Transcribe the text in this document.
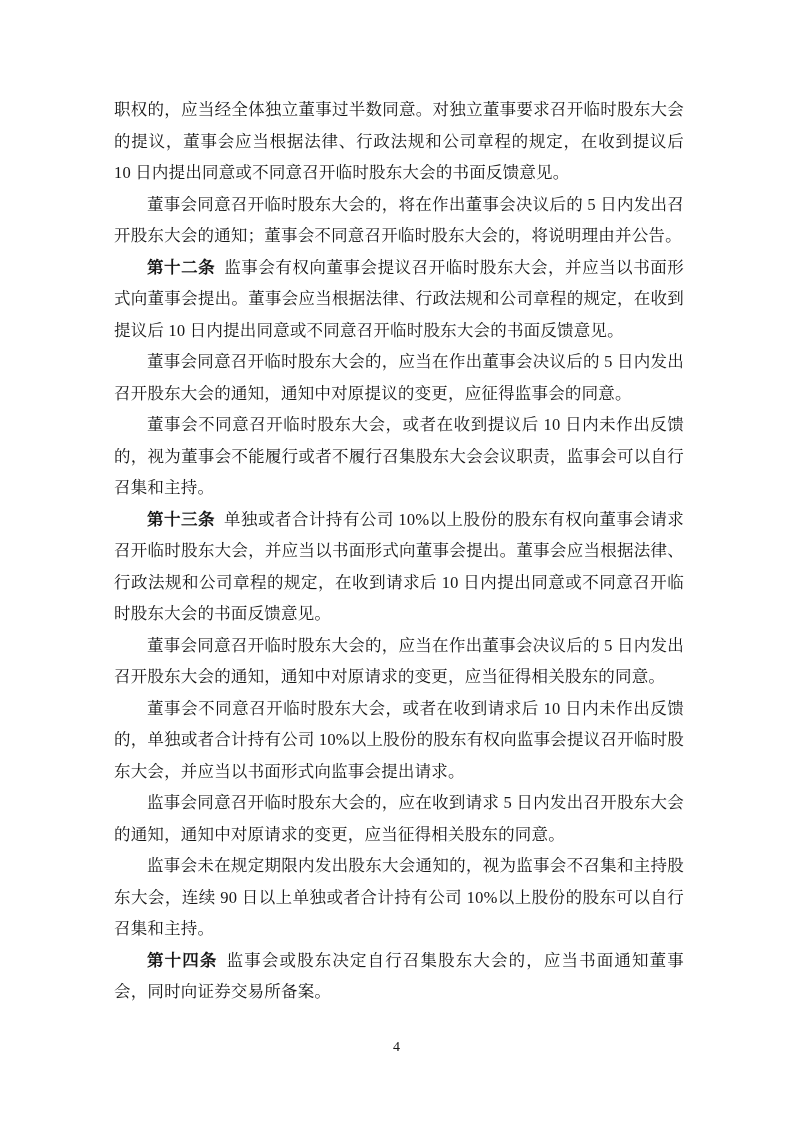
职权的，应当经全体独立董事过半数同意。对独立董事要求召开临时股东大会的提议，董事会应当根据法律、行政法规和公司章程的规定，在收到提议后 10 日内提出同意或不同意召开临时股东大会的书面反馈意见。

董事会同意召开临时股东大会的，将在作出董事会决议后的 5 日内发出召开股东大会的通知；董事会不同意召开临时股东大会的，将说明理由并公告。

第十二条 监事会有权向董事会提议召开临时股东大会，并应当以书面形式向董事会提出。董事会应当根据法律、行政法规和公司章程的规定，在收到提议后 10 日内提出同意或不同意召开临时股东大会的书面反馈意见。

董事会同意召开临时股东大会的，应当在作出董事会决议后的 5 日内发出召开股东大会的通知，通知中对原提议的变更，应征得监事会的同意。

董事会不同意召开临时股东大会，或者在收到提议后 10 日内未作出反馈的，视为董事会不能履行或者不履行召集股东大会会议职责，监事会可以自行召集和主持。

第十三条 单独或者合计持有公司 10%以上股份的股东有权向董事会请求召开临时股东大会，并应当以书面形式向董事会提出。董事会应当根据法律、行政法规和公司章程的规定，在收到请求后 10 日内提出同意或不同意召开临时股东大会的书面反馈意见。

董事会同意召开临时股东大会的，应当在作出董事会决议后的 5 日内发出召开股东大会的通知，通知中对原请求的变更，应当征得相关股东的同意。

董事会不同意召开临时股东大会，或者在收到请求后 10 日内未作出反馈的，单独或者合计持有公司 10%以上股份的股东有权向监事会提议召开临时股东大会，并应当以书面形式向监事会提出请求。

监事会同意召开临时股东大会的，应在收到请求 5 日内发出召开股东大会的通知，通知中对原请求的变更，应当征得相关股东的同意。

监事会未在规定期限内发出股东大会通知的，视为监事会不召集和主持股东大会，连续 90 日以上单独或者合计持有公司 10%以上股份的股东可以自行召集和主持。

第十四条 监事会或股东决定自行召集股东大会的，应当书面通知董事会，同时向证券交易所备案。

4
